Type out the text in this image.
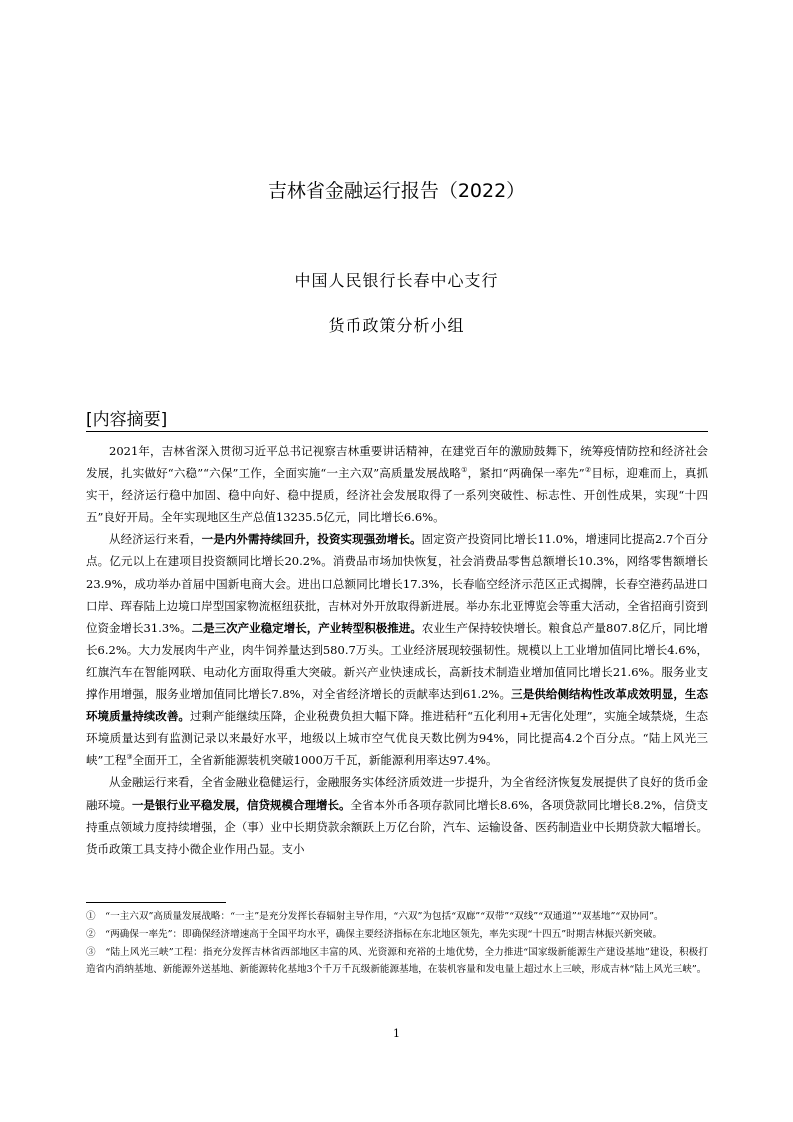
吉林省金融运行报告（2022）
中国人民银行长春中心支行
货币政策分析小组
[内容摘要]

2021年，吉林省深入贯彻习近平总书记视察吉林重要讲话精神，在建党百年的激励鼓舞下，统筹疫情防控和经济社会发展，扎实做好“六稳”“六保”工作，全面实施“一主六双”高质量发展战略①，紧扣“两确保一率先”②目标，迎难而上，真抓实干，经济运行稳中加固、稳中向好、稳中提质，经济社会发展取得了一系列突破性、标志性、开创性成果，实现“十四五”良好开局。全年实现地区生产总值13235.5亿元，同比增长6.6%。

从经济运行来看，一是内外需持续回升，投资实现强劲增长。固定资产投资同比增长11.0%，增速同比提高2.7个百分点。亿元以上在建项目投资额同比增长20.2%。消费品市场加快恢复，社会消费品零售总额增长10.3%，网络零售额增长23.9%，成功举办首届中国新电商大会。进出口总额同比增长17.3%，长春临空经济示范区正式揭牌，长春空港药品进口口岸、珲春陆上边境口岸型国家物流枢纽获批，吉林对外开放取得新进展。举办东北亚博览会等重大活动，全省招商引资到位资金增长31.3%。二是三次产业稳定增长，产业转型积极推进。农业生产保持较快增长。粮食总产量807.8亿斤，同比增长6.2%。大力发展肉牛产业，肉牛饲养量达到580.7万头。工业经济展现较强韧性。规模以上工业增加值同比增长4.6%，红旗汽车在智能网联、电动化方面取得重大突破。新兴产业快速成长，高新技术制造业增加值同比增长21.6%。服务业支撑作用增强，服务业增加值同比增长7.8%，对全省经济增长的贡献率达到61.2%。三是供给侧结构性改革成效明显，生态环境质量持续改善。过剩产能继续压降，企业税费负担大幅下降。推进秸秆“五化利用+无害化处理”，实施全域禁烧，生态环境质量达到有监测记录以来最好水平，地级以上城市空气优良天数比例为94%，同比提高4.2个百分点。“陆上风光三峡”工程③全面开工，全省新能源装机突破1000万千瓦，新能源利用率达97.4%。

从金融运行来看，全省金融业稳健运行，金融服务实体经济质效进一步提升，为全省经济恢复发展提供了良好的货币金融环境。一是银行业平稳发展，信贷规模合理增长。全省本外币各项存款同比增长8.6%，各项贷款同比增长8.2%，信贷支持重点领域力度持续增强，企（事）业中长期贷款余额跃上万亿台阶，汽车、运输设备、医药制造业中长期贷款大幅增长。货币政策工具支持小微企业作用凸显。支小

①　“一主六双”高质量发展战略：“一主”是充分发挥长春辐射主导作用，“六双”为包括“双廊”“双带”“双线”“双通道”“双基地”“双协同”。

②　“两确保一率先”：即确保经济增速高于全国平均水平，确保主要经济指标在东北地区领先，率先实现“十四五”时期吉林振兴新突破。

③　“陆上风光三峡”工程：指充分发挥吉林省西部地区丰富的风、光资源和充裕的土地优势，全力推进“国家级新能源生产建设基地”建设，积极打造省内消纳基地、新能源外送基地、新能源转化基地3个千万千瓦级新能源基地，在装机容量和发电量上超过水上三峡，形成吉林“陆上风光三峡”。

1
